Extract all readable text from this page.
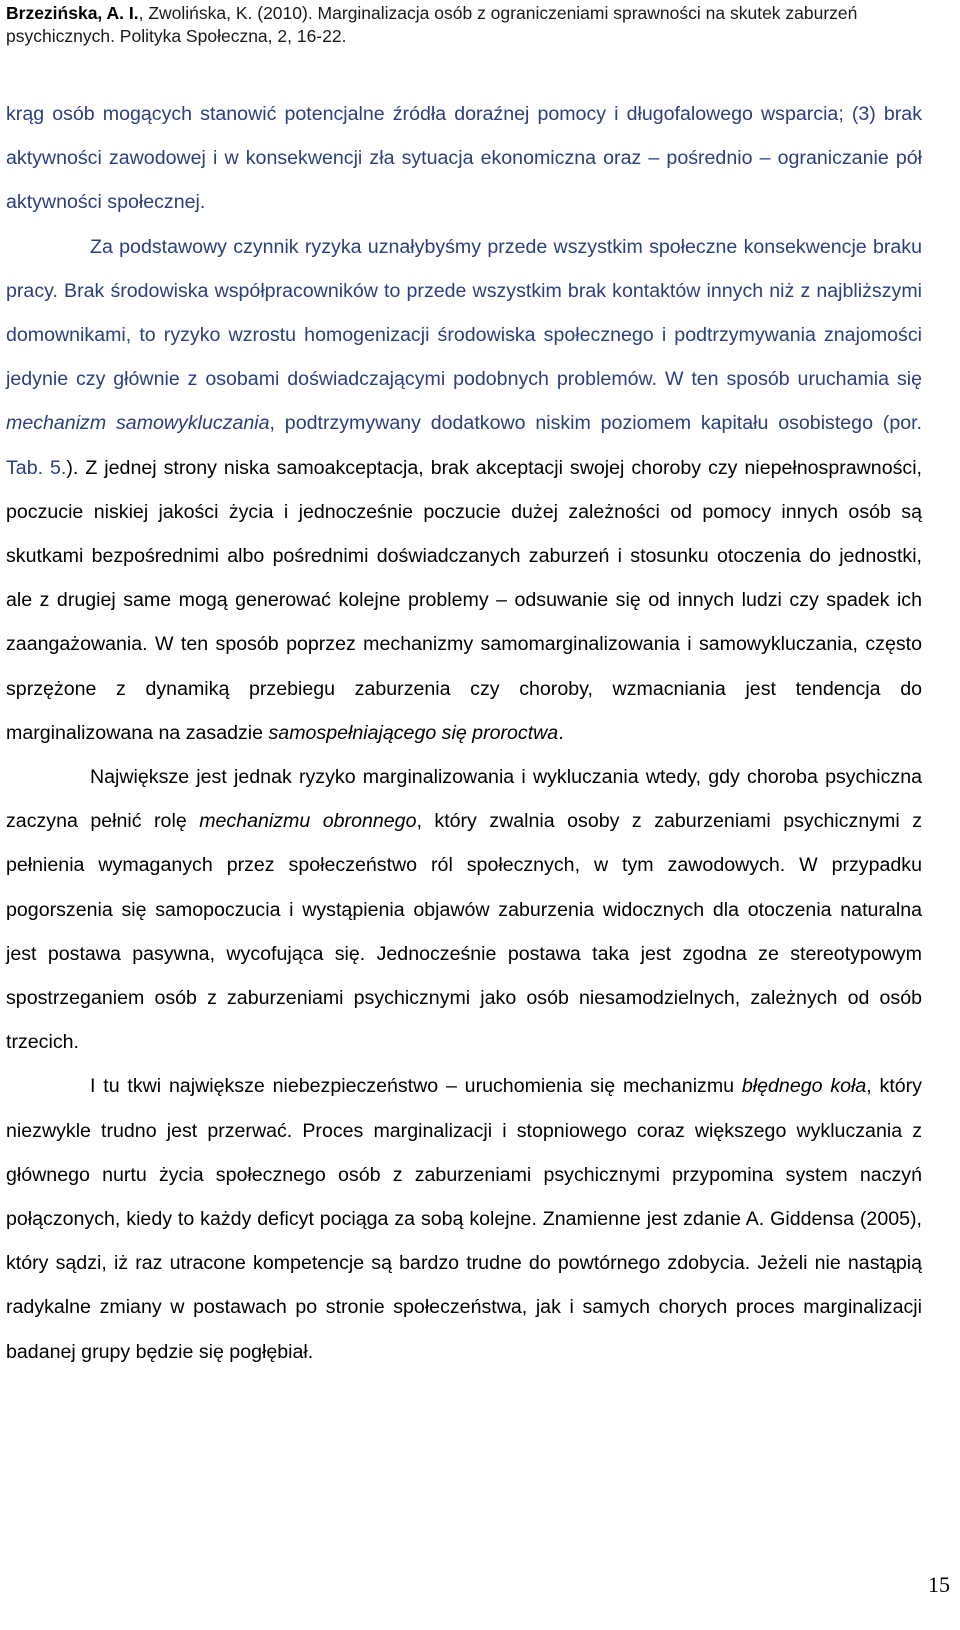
Brzezińska, A. I., Zwolińska, K. (2010). Marginalizacja osób z ograniczeniami sprawności na skutek zaburzeń
psychicznych. Polityka Społeczna, 2, 16-22.

krąg osób mogących stanowić potencjalne źródła doraźnej pomocy i długofalowego wsparcia; (3) brak aktywności zawodowej i w konsekwencji zła sytuacja ekonomiczna oraz – pośrednio – ograniczanie pół aktywności społecznej.

Za podstawowy czynnik ryzyka uznałybyśmy przede wszystkim społeczne konsekwencje braku pracy. Brak środowiska współpracowników to przede wszystkim brak kontaktów innych niż z najbliższymi domownikami, to ryzyko wzrostu homogenizacji środowiska społecznego i podtrzymywania znajomości jedynie czy głównie z osobami doświadczającymi podobnych problemów. W ten sposób uruchamia się mechanizm samowykluczania, podtrzymywany dodatkowo niskim poziomem kapitału osobistego (por. Tab. 5.). Z jednej strony niska samoakceptacja, brak akceptacji swojej choroby czy niepełnosprawności, poczucie niskiej jakości życia i jednocześnie poczucie dużej zależności od pomocy innych osób są skutkami bezpośrednimi albo pośrednimi doświadczanych zaburzeń i stosunku otoczenia do jednostki, ale z drugiej same mogą generować kolejne problemy – odsuwanie się od innych ludzi czy spadek ich zaangażowania. W ten sposób poprzez mechanizmy samomarginalizowania i samowykluczania, często sprzężone z dynamiką przebiegu zaburzenia czy choroby, wzmacniania jest tendencja do marginalizowana na zasadzie samospełniającego się proroctwa.

Największe jest jednak ryzyko marginalizowania i wykluczania wtedy, gdy choroba psychiczna zaczyna pełnić rolę mechanizmu obronnego, który zwalnia osoby z zaburzeniami psychicznymi z pełnienia wymaganych przez społeczeństwo ról społecznych, w tym zawodowych. W przypadku pogorszenia się samopoczucia i wystąpienia objawów zaburzenia widocznych dla otoczenia naturalna jest postawa pasywna, wycofująca się. Jednocześnie postawa taka jest zgodna ze stereotypowym spostrzeganiem osób z zaburzeniami psychicznymi jako osób niesamodzielnych, zależnych od osób trzecich.

I tu tkwi największe niebezpieczeństwo – uruchomienia się mechanizmu błędnego koła, który niezwykle trudno jest przerwać. Proces marginalizacji i stopniowego coraz większego wykluczania z głównego nurtu życia społecznego osób z zaburzeniami psychicznymi przypomina system naczyń połączonych, kiedy to każdy deficyt pociąga za sobą kolejne. Znamienne jest zdanie A. Giddensa (2005), który sądzi, iż raz utracone kompetencje są bardzo trudne do powtórnego zdobycia. Jeżeli nie nastąpią radykalne zmiany w postawach po stronie społeczeństwa, jak i samych chorych proces marginalizacji badanej grupy będzie się pogłębiał.

15
